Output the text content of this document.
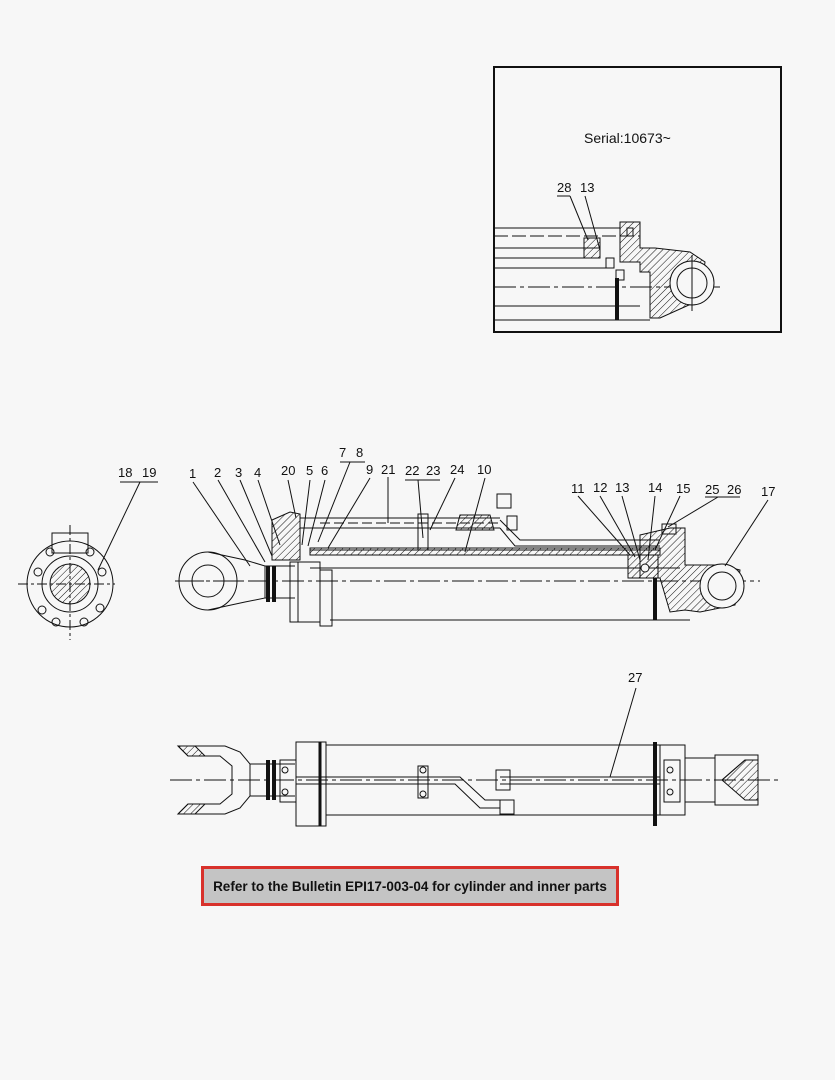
Serial:10673~
28 13
18 19	1 2 3 4 20 5 6
7 8
9 21 22 23 24 10
11 12 13 14 15 25 26 17
27
Refer to the Bulletin EPI17-003-04 for cylinder and inner parts
